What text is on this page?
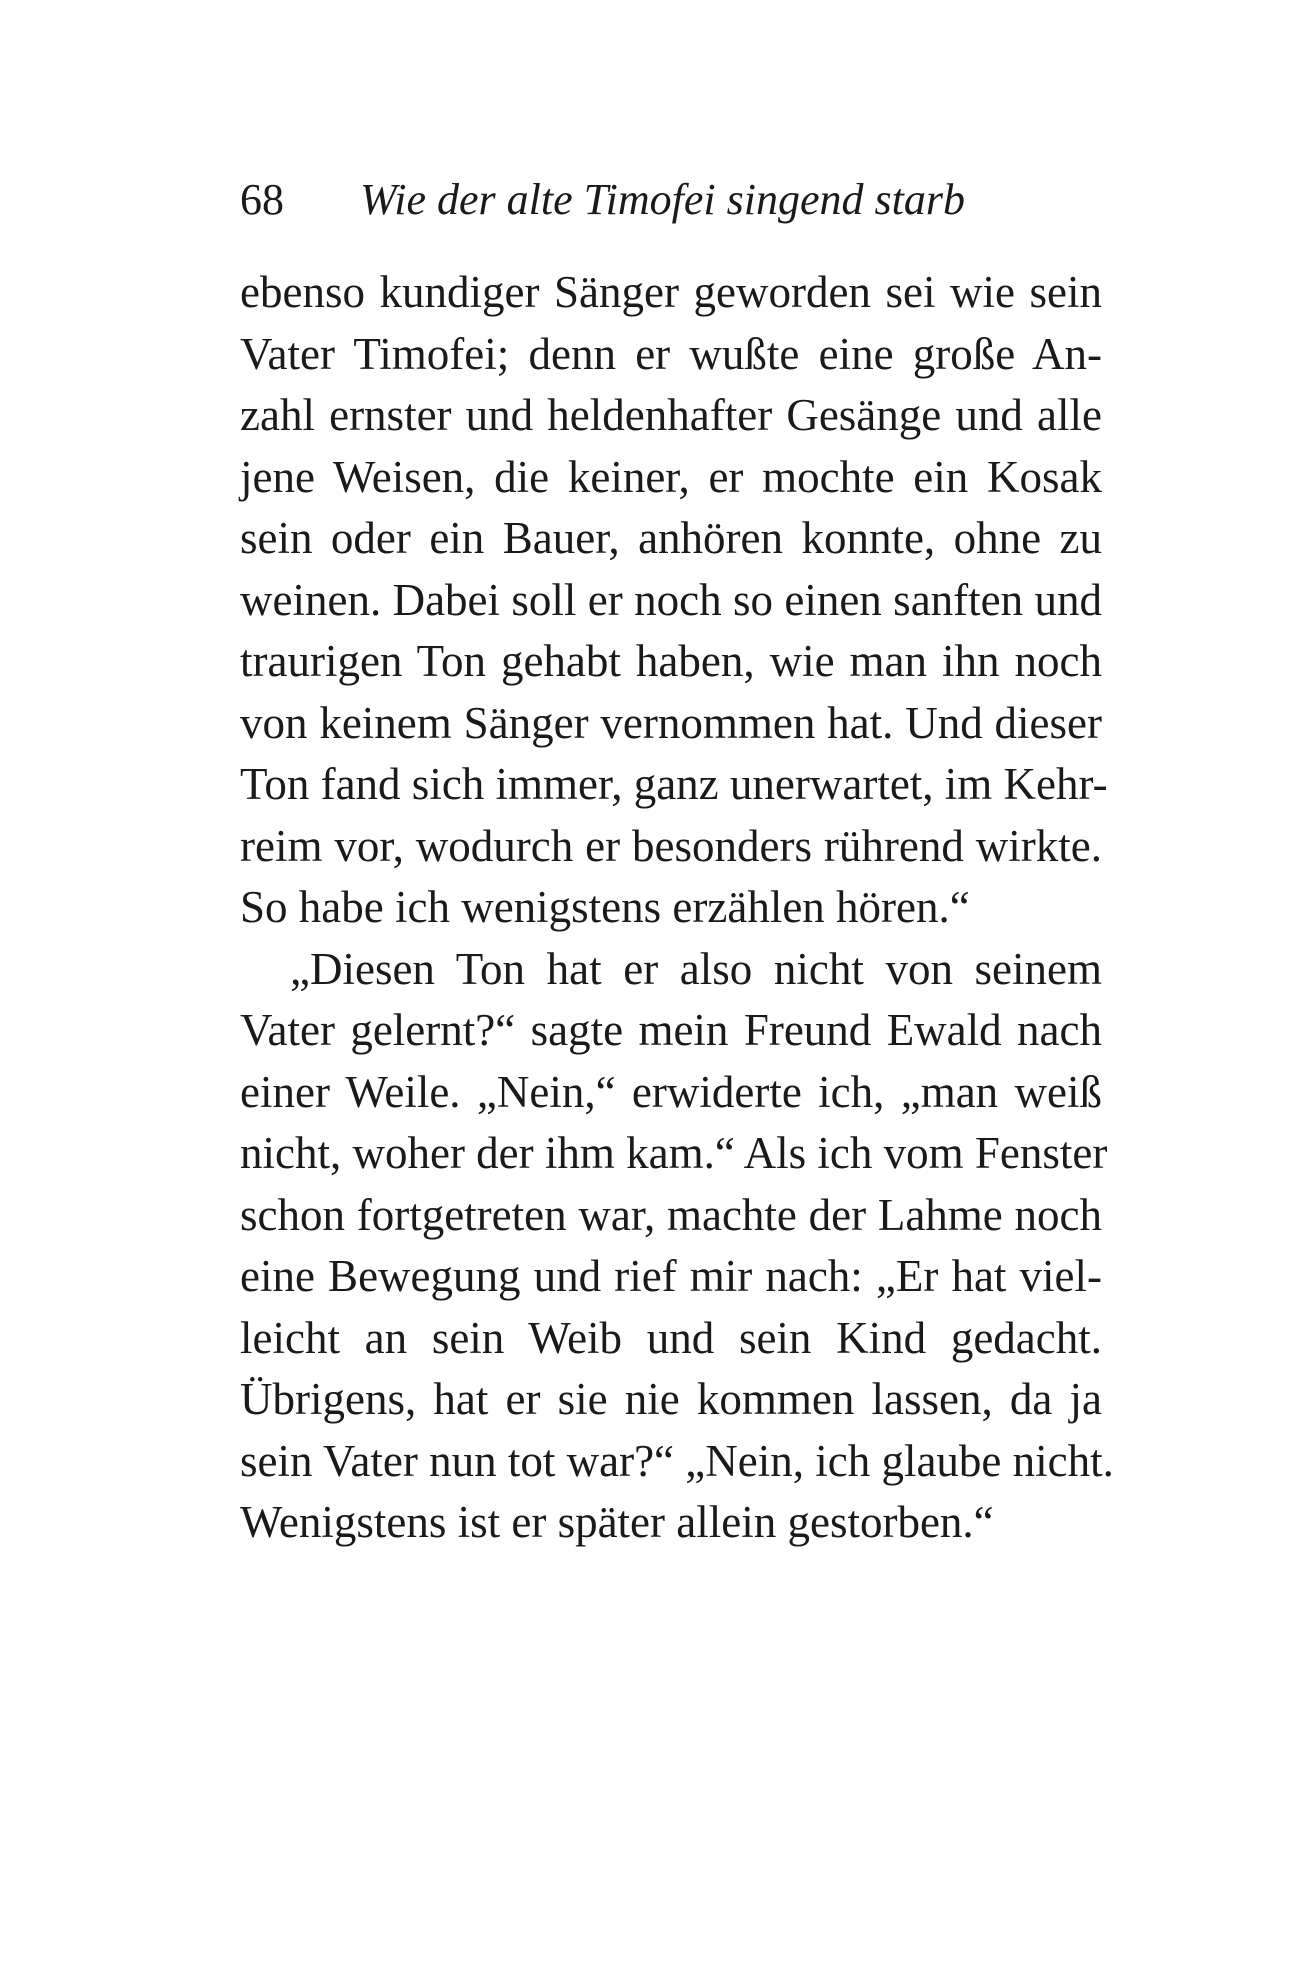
68 Wie der alte Timofei singend starb
ebenso kundiger Sänger geworden sei wie sein
Vater Timofei; denn er wußte eine große An-
zahl ernster und heldenhafter Gesänge und alle
jene Weisen, die keiner, er mochte ein Kosak
sein oder ein Bauer, anhören konnte, ohne zu
weinen. Dabei soll er noch so einen sanften und
traurigen Ton gehabt haben, wie man ihn noch
von keinem Sänger vernommen hat. Und dieser
Ton fand sich immer, ganz unerwartet, im Kehr-
reim vor, wodurch er besonders rührend wirkte.
So habe ich wenigstens erzählen hören.“
„Diesen Ton hat er also nicht von seinem
Vater gelernt?“ sagte mein Freund Ewald nach
einer Weile. „Nein,“ erwiderte ich, „man weiß
nicht, woher der ihm kam.“ Als ich vom Fenster
schon fortgetreten war, machte der Lahme noch
eine Bewegung und rief mir nach: „Er hat viel-
leicht an sein Weib und sein Kind gedacht.
Übrigens, hat er sie nie kommen lassen, da ja
sein Vater nun tot war?“ „Nein, ich glaube nicht.
Wenigstens ist er später allein gestorben.“
